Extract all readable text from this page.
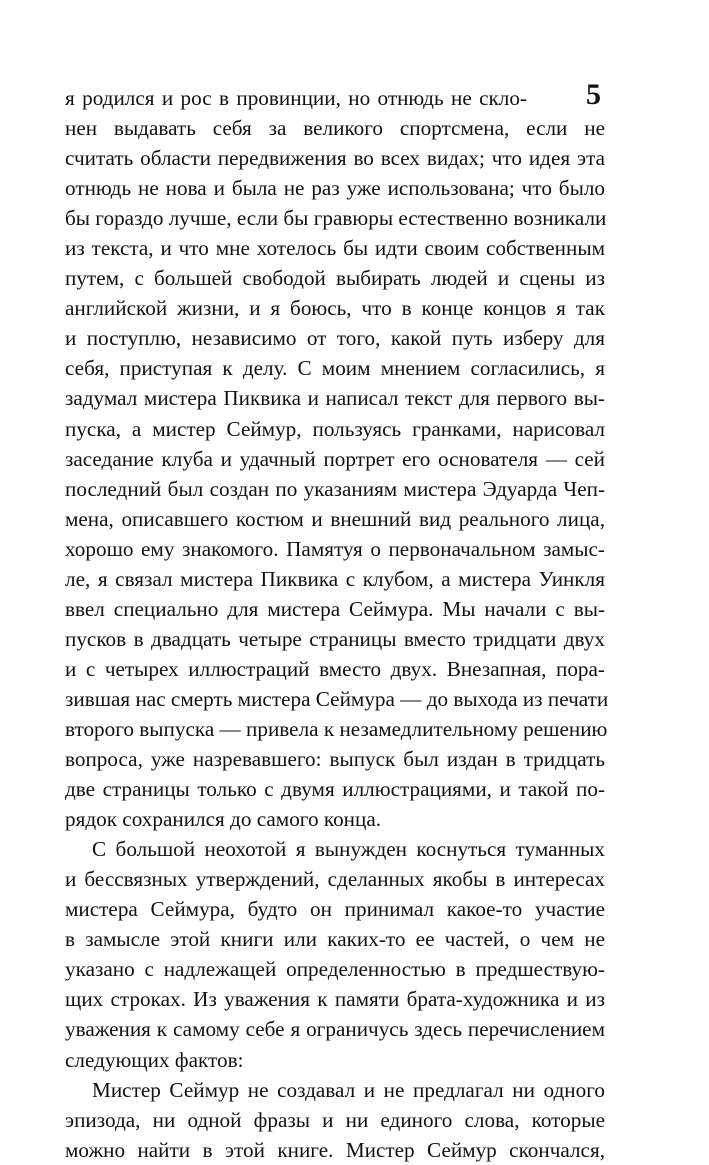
5
я родился и рос в провинции, но отнюдь не скло-
нен выдавать себя за великого спортсмена, если не
считать области передвижения во всех видах; что идея эта
отнюдь не нова и была не раз уже использована; что было
бы гораздо лучше, если бы гравюры естественно возникали
из текста, и что мне хотелось бы идти своим собственным
путем, с большей свободой выбирать людей и сцены из
английской жизни, и я боюсь, что в конце концов я так
и поступлю, независимо от того, какой путь изберу для
себя, приступая к делу. С моим мнением согласились, я
задумал мистера Пиквика и написал текст для первого вы-
пуска, а мистер Сеймур, пользуясь гранками, нарисовал
заседание клуба и удачный портрет его основателя — сей
последний был создан по указаниям мистера Эдуарда Чеп-
мена, описавшего костюм и внешний вид реального лица,
хорошо ему знакомого. Памятуя о первоначальном замыс-
ле, я связал мистера Пиквика с клубом, а мистера Уинкля
ввел специально для мистера Сеймура. Мы начали с вы-
пусков в двадцать четыре страницы вместо тридцати двух
и с четырех иллюстраций вместо двух. Внезапная, пора-
зившая нас смерть мистера Сеймура — до выхода из печати
второго выпуска — привела к незамедлительному решению
вопроса, уже назревавшего: выпуск был издан в тридцать
две страницы только с двумя иллюстрациями, и такой по-
рядок сохранился до самого конца.
С большой неохотой я вынужден коснуться туманных
и бессвязных утверждений, сделанных якобы в интересах
мистера Сеймура, будто он принимал какое-то участие
в замысле этой книги или каких-то ее частей, о чем не
указано с надлежащей определенностью в предшествую-
щих строках. Из уважения к памяти брата-художника и из
уважения к самому себе я ограничусь здесь перечислением
следующих фактов:
Мистер Сеймур не создавал и не предлагал ни одного
эпизода, ни одной фразы и ни единого слова, которые
можно найти в этой книге. Мистер Сеймур скончался,
